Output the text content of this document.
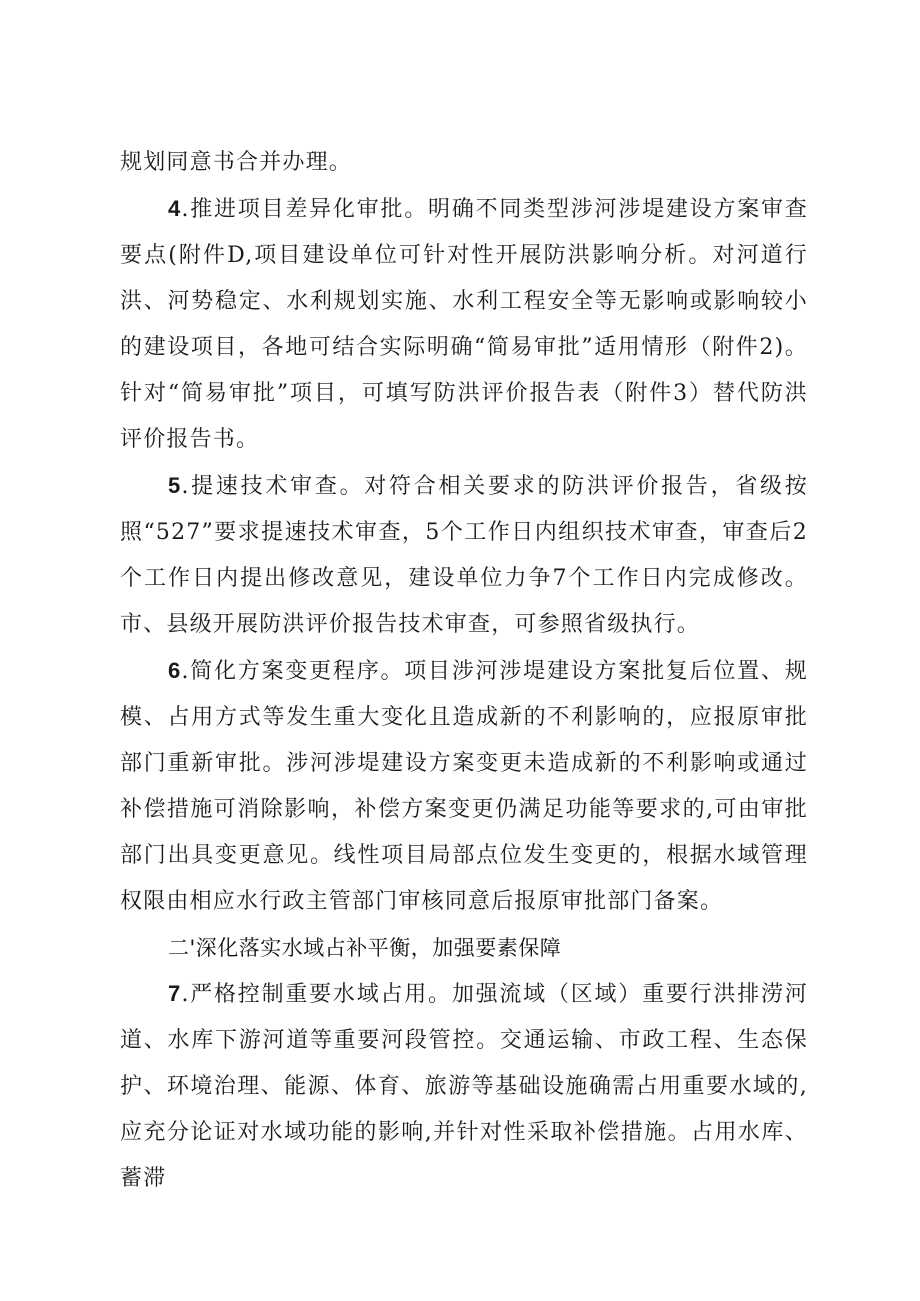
规划同意书合并办理。

4.推进项目差异化审批。明确不同类型涉河涉堤建设方案审查要点(附件D,项目建设单位可针对性开展防洪影响分析。对河道行洪、河势稳定、水利规划实施、水利工程安全等无影响或影响较小的建设项目，各地可结合实际明确“简易审批”适用情形（附件2)。针对“简易审批”项目，可填写防洪评价报告表（附件3）替代防洪评价报告书。

5.提速技术审查。对符合相关要求的防洪评价报告，省级按照“527”要求提速技术审查，5个工作日内组织技术审查，审查后2个工作日内提出修改意见，建设单位力争7个工作日内完成修改。市、县级开展防洪评价报告技术审查，可参照省级执行。

6.简化方案变更程序。项目涉河涉堤建设方案批复后位置、规模、占用方式等发生重大变化且造成新的不利影响的，应报原审批部门重新审批。涉河涉堤建设方案变更未造成新的不利影响或通过补偿措施可消除影响，补偿方案变更仍满足功能等要求的,可由审批部门出具变更意见。线性项目局部点位发生变更的，根据水域管理权限由相应水行政主管部门审核同意后报原审批部门备案。

二'深化落实水域占补平衡，加强要素保障

7.严格控制重要水域占用。加强流域（区域）重要行洪排涝河道、水库下游河道等重要河段管控。交通运输、市政工程、生态保护、环境治理、能源、体育、旅游等基础设施确需占用重要水域的,应充分论证对水域功能的影响,并针对性采取补偿措施。占用水库、蓄滞
